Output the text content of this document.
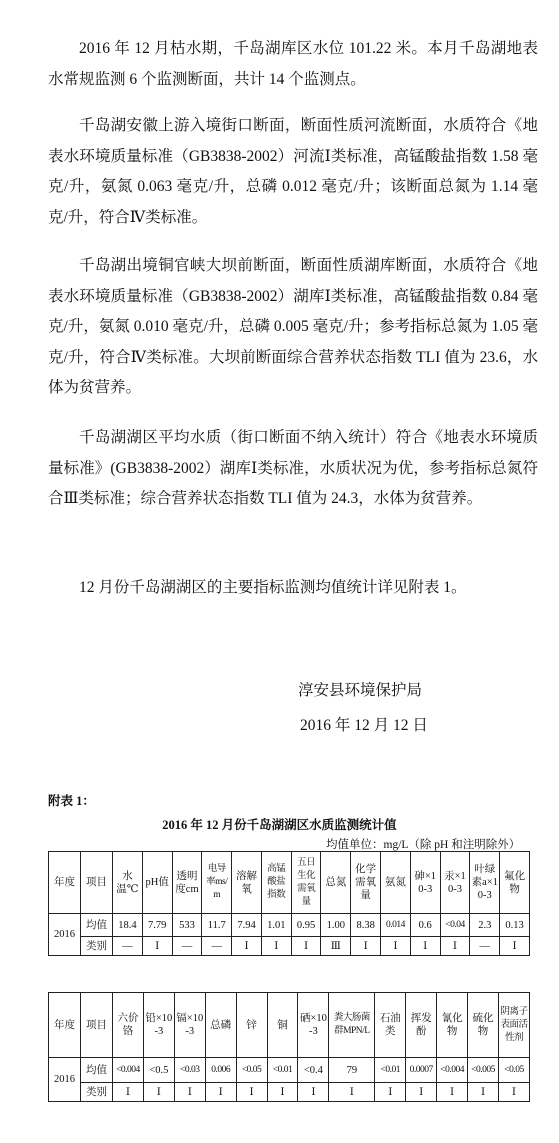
2016 年 12 月枯水期，千岛湖库区水位 101.22 米。本月千岛湖地表水常规监测 6 个监测断面，共计 14 个监测点。

千岛湖安徽上游入境街口断面，断面性质河流断面，水质符合《地表水环境质量标准（GB3838-2002）河流Ⅰ类标准，高锰酸盐指数 1.58 毫克/升，氨氮 0.063 毫克/升，总磷 0.012 毫克/升；该断面总氮为 1.14 毫克/升，符合Ⅳ类标准。

千岛湖出境铜官峡大坝前断面，断面性质湖库断面，水质符合《地表水环境质量标准（GB3838-2002）湖库Ⅰ类标准，高锰酸盐指数 0.84 毫克/升，氨氮 0.010 毫克/升，总磷 0.005 毫克/升；参考指标总氮为 1.05 毫克/升，符合Ⅳ类标准。大坝前断面综合营养状态指数 TLI 值为 23.6，水体为贫营养。

千岛湖湖区平均水质（街口断面不纳入统计）符合《地表水环境质量标准》(GB3838-2002）湖库Ⅰ类标准，水质状况为优，参考指标总氮符合Ⅲ类标准；综合营养状态指数 TLI 值为 24.3，水体为贫营养。

12 月份千岛湖湖区的主要指标监测均值统计详见附表 1。

淳安县环境保护局

2016 年 12 月 12 日

附表 1：

2016 年 12 月份千岛湖湖区水质监测统计值

均值单位：mg/L（除 pH 和注明除外）

年度	项目	水温℃	pH值	透明度cm	电导率ms/m	溶解氧	高锰酸盐指数	五日生化需氧量	总氮	化学需氧量	氨氮	砷×10-3	汞×10-3	叶绿素a×10-3	氟化物
2016	均值	18.4	7.79	533	11.7	7.94	1.01	0.95	1.00	8.38	0.014	0.6	<0.04	2.3	0.13
	类别	—	Ⅰ	—	—	Ⅰ	Ⅰ	Ⅰ	Ⅲ	Ⅰ	Ⅰ	Ⅰ	Ⅰ	—	Ⅰ
年度	项目	六价铬	铅×10-3	镉×10-3	总磷	锌	铜	硒×10-3	粪大肠菌群MPN/L	石油类	挥发酚	氰化物	硫化物	阴离子表面活性剂
2016	均值	<0.004	<0.5	<0.03	0.006	<0.05	<0.01	<0.4	79	<0.01	0.0007	<0.004	<0.005	<0.05
	类别	Ⅰ	Ⅰ	Ⅰ	Ⅰ	Ⅰ	Ⅰ	Ⅰ	Ⅰ	Ⅰ	Ⅰ	Ⅰ	Ⅰ	Ⅰ
